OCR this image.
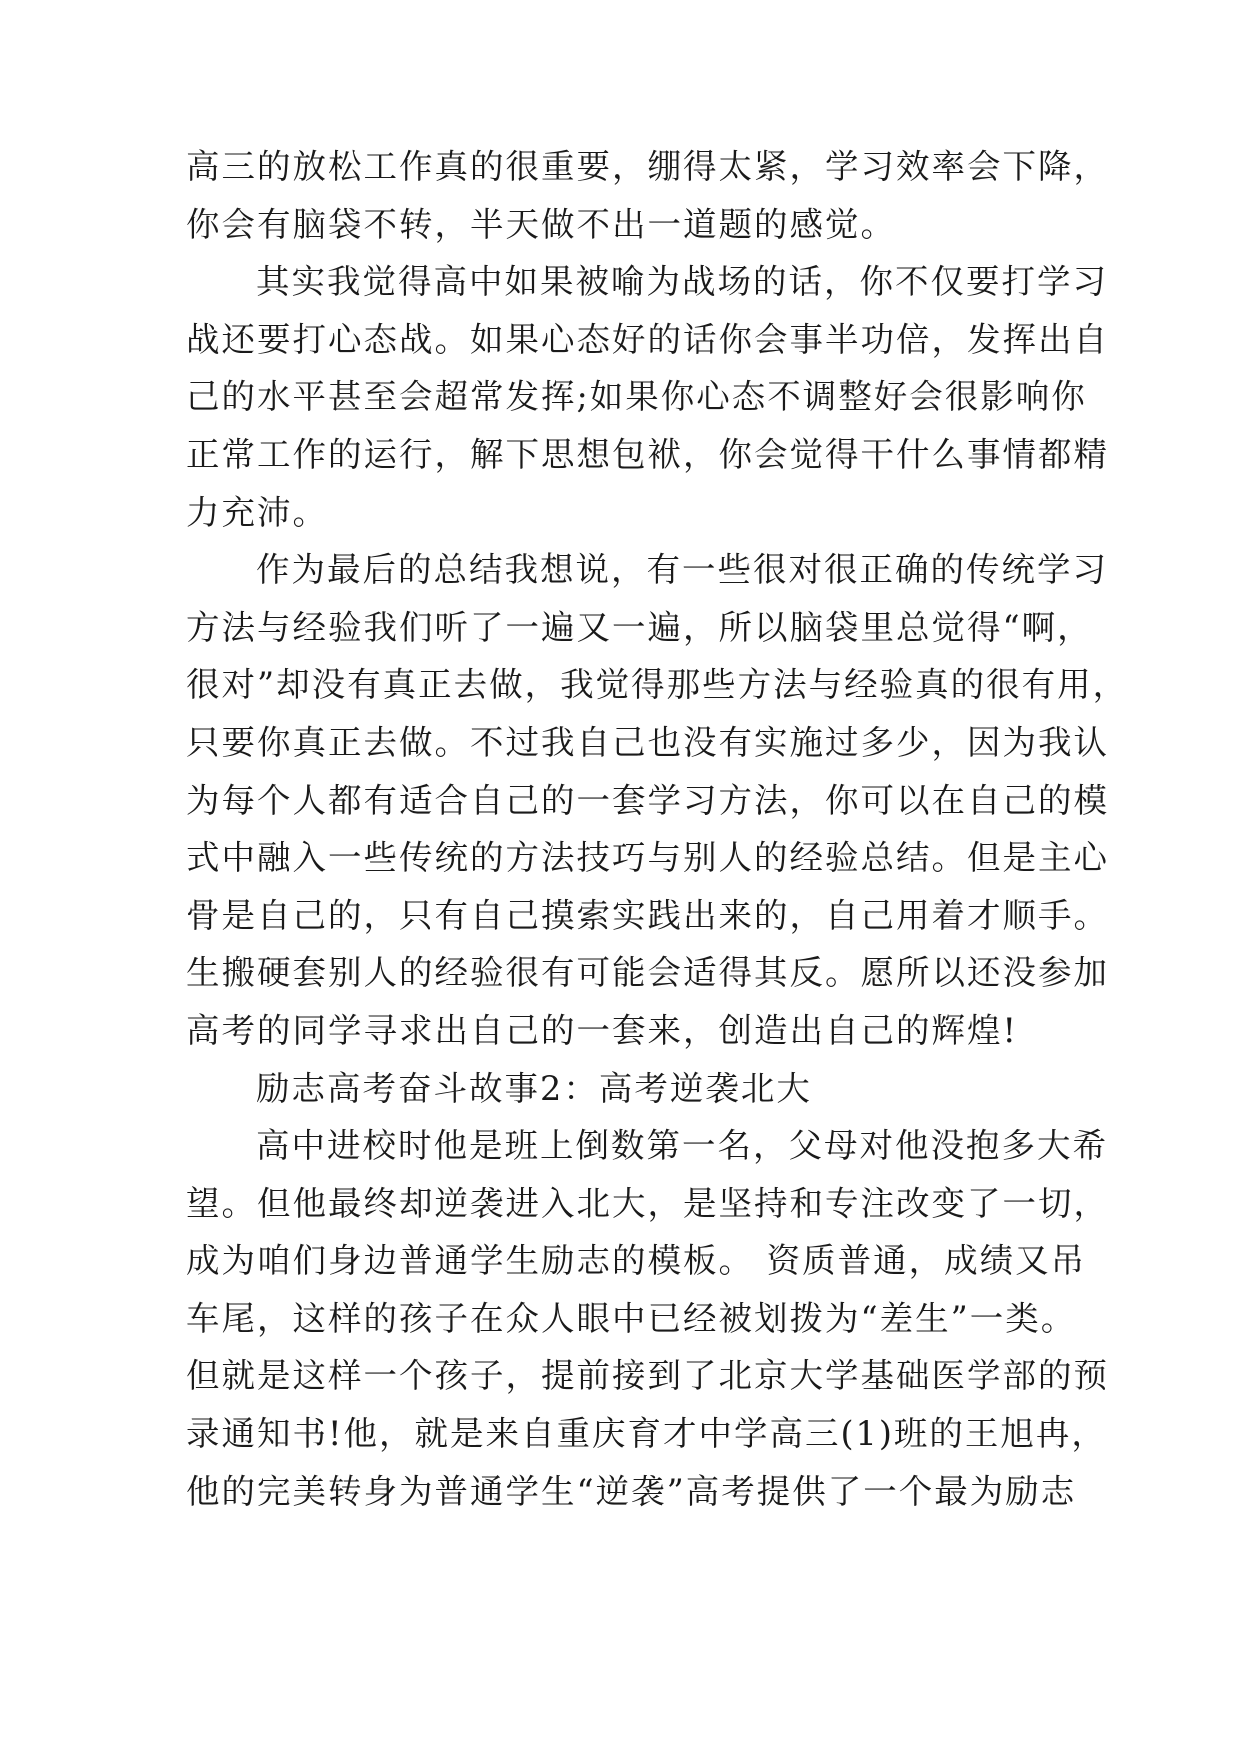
高三的放松工作真的很重要，绷得太紧，学习效率会下降，
你会有脑袋不转，半天做不出一道题的感觉。
其实我觉得高中如果被喻为战场的话，你不仅要打学习
战还要打心态战。如果心态好的话你会事半功倍，发挥出自
己的水平甚至会超常发挥;如果你心态不调整好会很影响你
正常工作的运行，解下思想包袱，你会觉得干什么事情都精
力充沛。
作为最后的总结我想说，有一些很对很正确的传统学习
方法与经验我们听了一遍又一遍，所以脑袋里总觉得“啊，
很对”却没有真正去做，我觉得那些方法与经验真的很有用，
只要你真正去做。不过我自己也没有实施过多少，因为我认
为每个人都有适合自己的一套学习方法，你可以在自己的模
式中融入一些传统的方法技巧与别人的经验总结。但是主心
骨是自己的，只有自己摸索实践出来的，自己用着才顺手。
生搬硬套别人的经验很有可能会适得其反。愿所以还没参加
高考的同学寻求出自己的一套来，创造出自己的辉煌!
励志高考奋斗故事2：高考逆袭北大
高中进校时他是班上倒数第一名，父母对他没抱多大希
望。但他最终却逆袭进入北大，是坚持和专注改变了一切，
成为咱们身边普通学生励志的模板。 资质普通，成绩又吊
车尾，这样的孩子在众人眼中已经被划拨为“差生”一类。
但就是这样一个孩子，提前接到了北京大学基础医学部的预
录通知书!他，就是来自重庆育才中学高三(1)班的王旭冉，
他的完美转身为普通学生“逆袭”高考提供了一个最为励志
